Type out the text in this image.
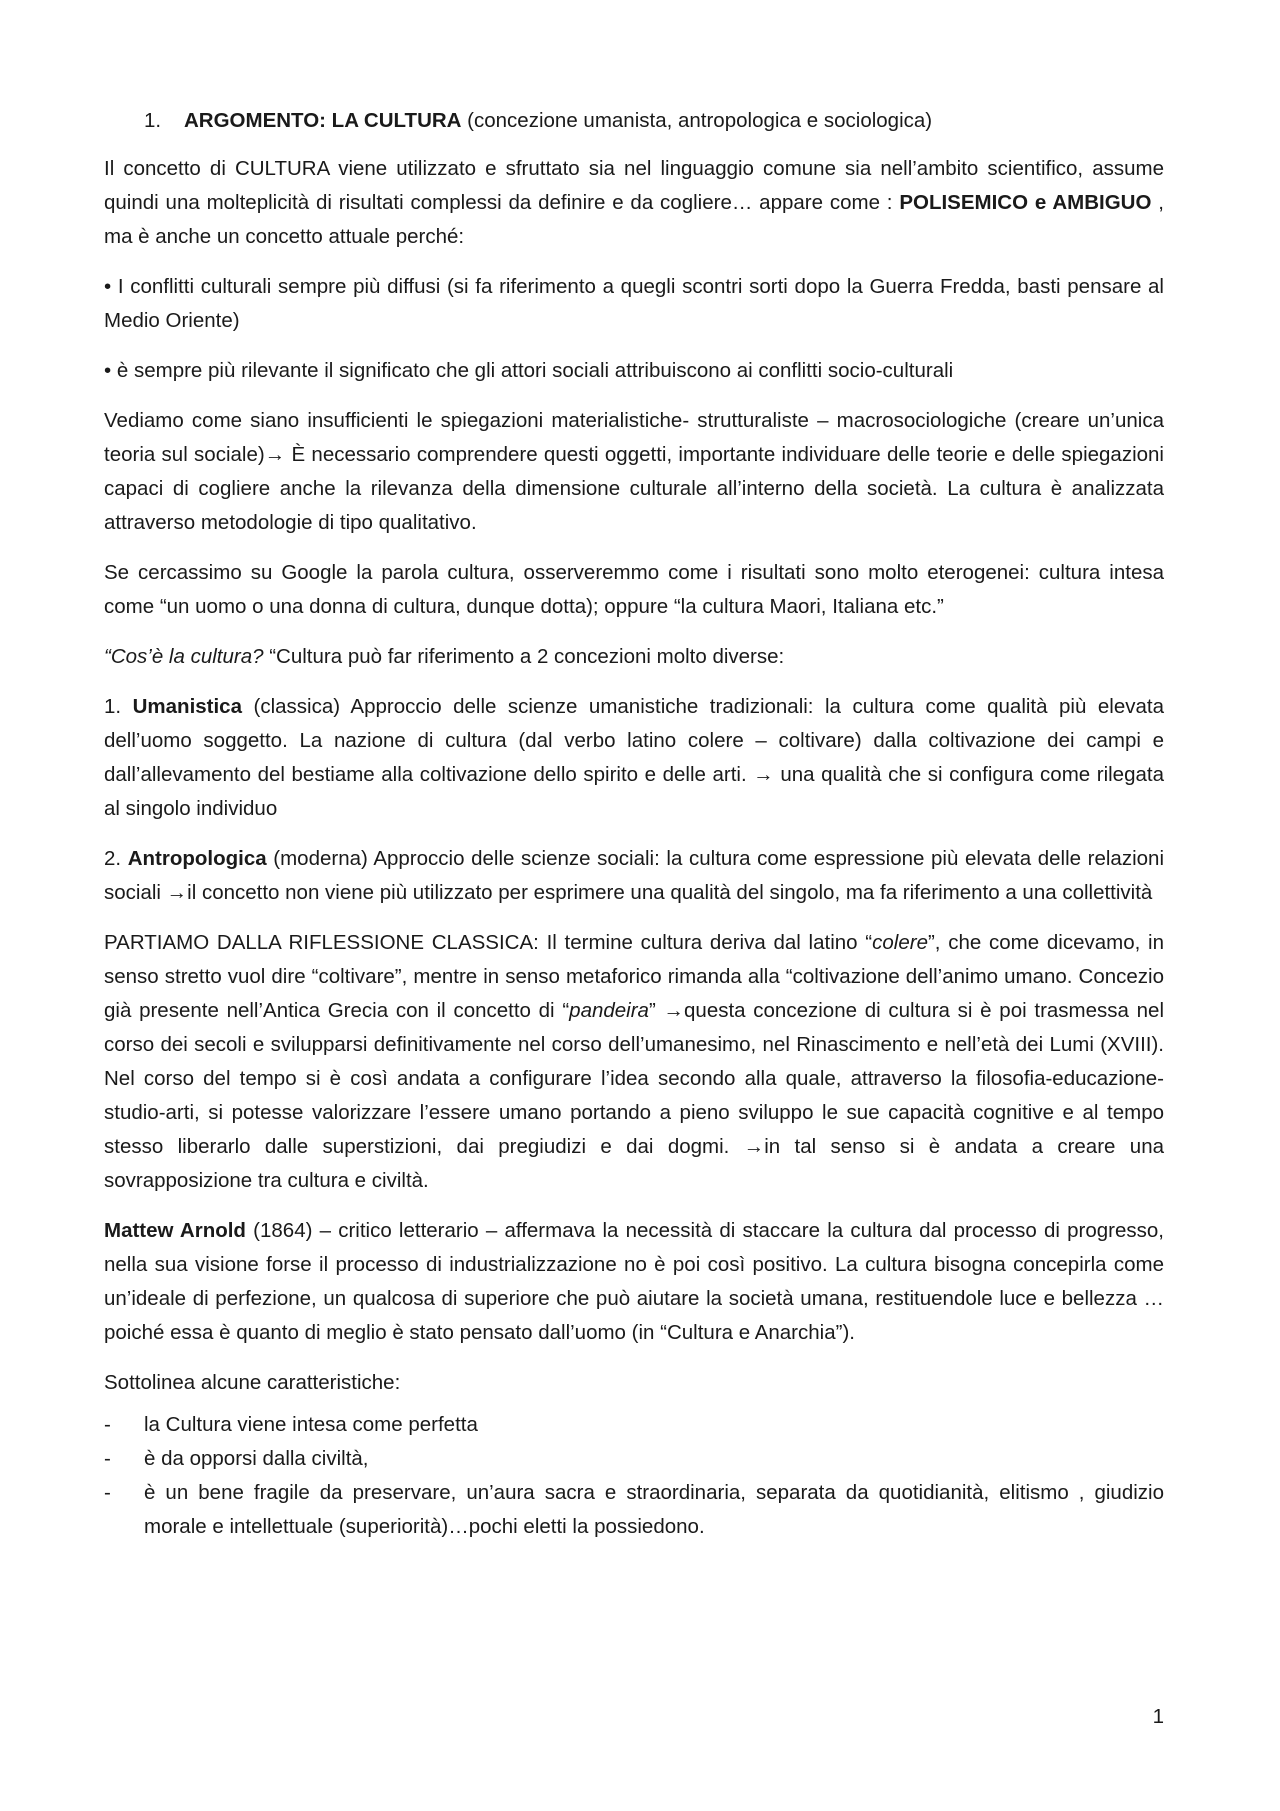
1. ARGOMENTO: LA CULTURA (concezione umanista, antropologica e sociologica)

Il concetto di CULTURA viene utilizzato e sfruttato sia nel linguaggio comune sia nell’ambito scientifico, assume quindi una molteplicità di risultati complessi da definire e da cogliere… appare come : POLISEMICO e AMBIGUO , ma è anche un concetto attuale perché:

• I conflitti culturali sempre più diffusi (si fa riferimento a quegli scontri sorti dopo la Guerra Fredda, basti pensare al Medio Oriente)

• è sempre più rilevante il significato che gli attori sociali attribuiscono ai conflitti socio-culturali

Vediamo come siano insufficienti le spiegazioni materialistiche- strutturaliste – macrosociologiche (creare un’unica teoria sul sociale)→ È necessario comprendere questi oggetti, importante individuare delle teorie e delle spiegazioni capaci di cogliere anche la rilevanza della dimensione culturale all’interno della società. La cultura è analizzata attraverso metodologie di tipo qualitativo.

Se cercassimo su Google la parola cultura, osserveremmo come i risultati sono molto eterogenei: cultura intesa come “un uomo o una donna di cultura, dunque dotta); oppure “la cultura Maori, Italiana etc.”

“Cos’è la cultura? “Cultura può far riferimento a 2 concezioni molto diverse:

1. Umanistica (classica) Approccio delle scienze umanistiche tradizionali: la cultura come qualità più elevata dell’uomo soggetto. La nazione di cultura (dal verbo latino colere – coltivare) dalla coltivazione dei campi e dall’allevamento del bestiame alla coltivazione dello spirito e delle arti. → una qualità che si configura come rilegata al singolo individuo

2. Antropologica (moderna) Approccio delle scienze sociali: la cultura come espressione più elevata delle relazioni sociali →il concetto non viene più utilizzato per esprimere una qualità del singolo, ma fa riferimento a una collettività

PARTIAMO DALLA RIFLESSIONE CLASSICA: Il termine cultura deriva dal latino “colere”, che come dicevamo, in senso stretto vuol dire “coltivare”, mentre in senso metaforico rimanda alla “coltivazione dell’animo umano. Concezio già presente nell’Antica Grecia con il concetto di “pandeira” →questa concezione di cultura si è poi trasmessa nel corso dei secoli e svilupparsi definitivamente nel corso dell’umanesimo, nel Rinascimento e nell’età dei Lumi (XVIII). Nel corso del tempo si è così andata a configurare l’idea secondo alla quale, attraverso la filosofia-educazione-studio-arti, si potesse valorizzare l’essere umano portando a pieno sviluppo le sue capacità cognitive e al tempo stesso liberarlo dalle superstizioni, dai pregiudizi e dai dogmi. →in tal senso si è andata a creare una sovrapposizione tra cultura e civiltà.

Mattew Arnold (1864) – critico letterario – affermava la necessità di staccare la cultura dal processo di progresso, nella sua visione forse il processo di industrializzazione no è poi così positivo. La cultura bisogna concepirla come un’ideale di perfezione, un qualcosa di superiore che può aiutare la società umana, restituendole luce e bellezza …poiché essa è quanto di meglio è stato pensato dall’uomo (in “Cultura e Anarchia”).

Sottolinea alcune caratteristiche:

- la Cultura viene intesa come perfetta
- è da opporsi dalla civiltà,
- è un bene fragile da preservare, un’aura sacra e straordinaria, separata da quotidianità, elitismo , giudizio morale e intellettuale (superiorità)…pochi eletti la possiedono.
1
